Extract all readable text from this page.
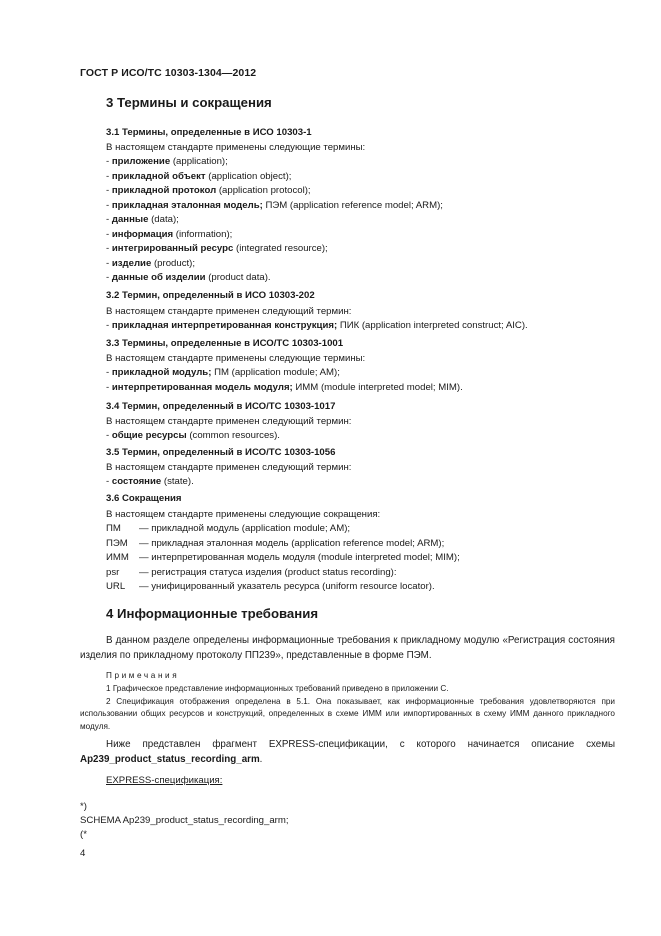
ГОСТ Р ИСО/ТС 10303-1304—2012
3 Термины и сокращения
3.1 Термины, определенные в ИСО 10303-1
В настоящем стандарте применены следующие термины:
- приложение (application);
- прикладной объект (application object);
- прикладной протокол (application protocol);
- прикладная эталонная модель; ПЭМ (application reference model; ARM);
- данные (data);
- информация (information);
- интегрированный ресурс (integrated resource);
- изделие (product);
- данные об изделии (product data).
3.2 Термин, определенный в ИСО 10303-202
В настоящем стандарте применен следующий термин:
- прикладная интерпретированная конструкция; ПИК (application interpreted construct; AIC).
3.3 Термины, определенные в ИСО/ТС 10303-1001
В настоящем стандарте применены следующие термины:
- прикладной модуль; ПМ (application module; AM);
- интерпретированная модель модуля; ИММ (module interpreted model; MIM).
3.4 Термин, определенный в ИСО/ТС 10303-1017
В настоящем стандарте применен следующий термин:
- общие ресурсы (common resources).
3.5 Термин, определенный в ИСО/ТС 10303-1056
В настоящем стандарте применен следующий термин:
- состояние (state).
3.6 Сокращения
В настоящем стандарте применены следующие сокращения:
ПМ — прикладной модуль (application module; AM);
ПЭМ — прикладная эталонная модель (application reference model; ARM);
ИММ — интерпретированная модель модуля (module interpreted model; MIM);
psr — регистрация статуса изделия (product status recording):
URL — унифицированный указатель ресурса (uniform resource locator).
4 Информационные требования
В данном разделе определены информационные требования к прикладному модулю «Регистрация состояния изделия по прикладному протоколу ПП239», представленные в форме ПЭМ.
Примечания
1 Графическое представление информационных требований приведено в приложении С.
2 Спецификация отображения определена в 5.1. Она показывает, как информационные требования удовлетворяются при использовании общих ресурсов и конструкций, определенных в схеме ИММ или импортированных в схему ИММ данного прикладного модуля.
Ниже представлен фрагмент EXPRESS-спецификации, с которого начинается описание схемы Ap239_product_status_recording_arm.
EXPRESS-спецификация:
*)
SCHEMA Ap239_product_status_recording_arm;
(*
4
